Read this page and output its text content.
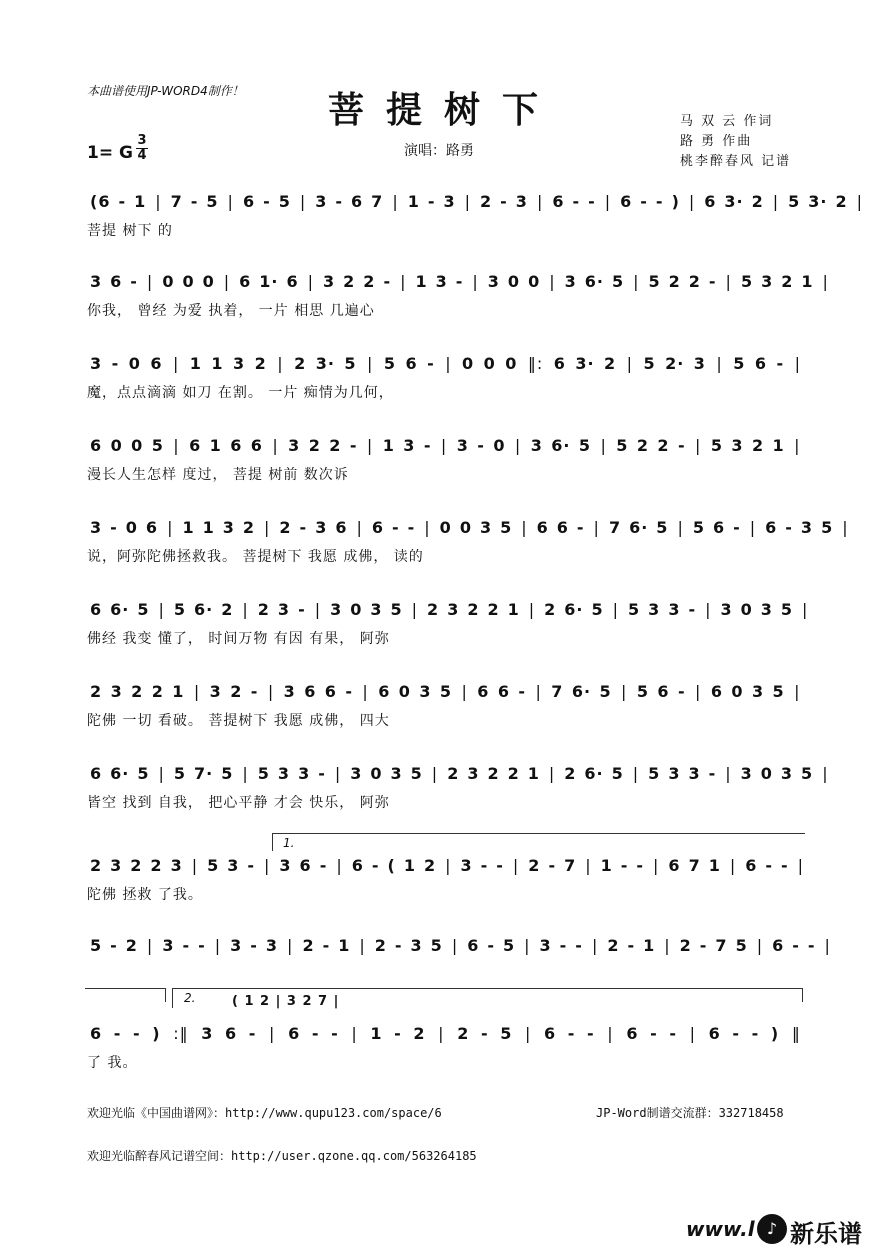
本曲谱使用JP-WORD4制作！	菩提树下
1= G
3
4	演唱：路勇
马 双 云 作词
路 勇 作曲
桃李醉春风 记谱
(6 - 1 | 7 - 5 | 6 - 5 | 3 - 6 7 | 1 - 3 | 2 - 3 | 6 - - | 6 - - ) | 6 3· 2 | 5 3· 2 |
菩提 树下 的
3 6 - | 0 0 0 | 6 1· 6 | 3 2 2 - | 1 3 - | 3 0 0 | 3 6· 5 | 5 2 2 - | 5 3 2 1 |
你我， 曾经 为爱 执着， 一片 相思 几遍心
3 - 0 6 | 1 1 3 2 | 2 3· 5 | 5 6 - | 0 0 0 ‖: 6 3· 2 | 5 2· 3 | 5 6 - |
魔，点点滴滴 如刀 在割。 一片 痴情为几何，
6 0 0 5 | 6 1 6 6 | 3 2 2 - | 1 3 - | 3 - 0 | 3 6· 5 | 5 2 2 - | 5 3 2 1 |
漫长人生怎样 度过， 菩提 树前 数次诉
3 - 0 6 | 1 1 3 2 | 2 - 3 6 | 6 - - | 0 0 3 5 | 6 6 - | 7 6· 5 | 5 6 - | 6 - 3 5 |
说，阿弥陀佛拯救我。 菩提树下 我愿 成佛， 读的
6 6· 5 | 5 6· 2 | 2 3 - | 3 0 3 5 | 2 3 2 2 1 | 2 6· 5 | 5 3 3 - | 3 0 3 5 |
佛经 我变 懂了， 时间万物 有因 有果， 阿弥
2 3 2 2 1 | 3 2 - | 3 6 6 - | 6 0 3 5 | 6 6 - | 7 6· 5 | 5 6 - | 6 0 3 5 |
陀佛 一切 看破。 菩提树下 我愿 成佛， 四大
6 6· 5 | 5 7· 5 | 5 3 3 - | 3 0 3 5 | 2 3 2 2 1 | 2 6· 5 | 5 3 3 - | 3 0 3 5 |
皆空 找到 自我， 把心平静 才会 快乐， 阿弥
1.
2 3 2 2 3 | 5 3 - | 3 6 - | 6 - ( 1 2 | 3 - - | 2 - 7 | 1 - - | 6 7 1 | 6 - - |
陀佛 拯救 了我。
5 - 2 | 3 - - | 3 - 3 | 2 - 1 | 2 - 3 5 | 6 - 5 | 3 - - | 2 - 1 | 2 - 7 5 | 6 - - |
2.	( 1 2 | 3 2 7 |
6 - - ) :‖ 3 6 - | 6 - - | 1 - 2 | 2 - 5 | 6 - - | 6 - - | 6 - - ) ‖
了 我。
欢迎光临《中国曲谱网》：http://www.qupu123.com/space/6	JP-Word制谱交流群：332718458
欢迎光临醉春风记谱空间：http://user.qzone.qq.com/563264185
www.l ♪ 新乐谱
